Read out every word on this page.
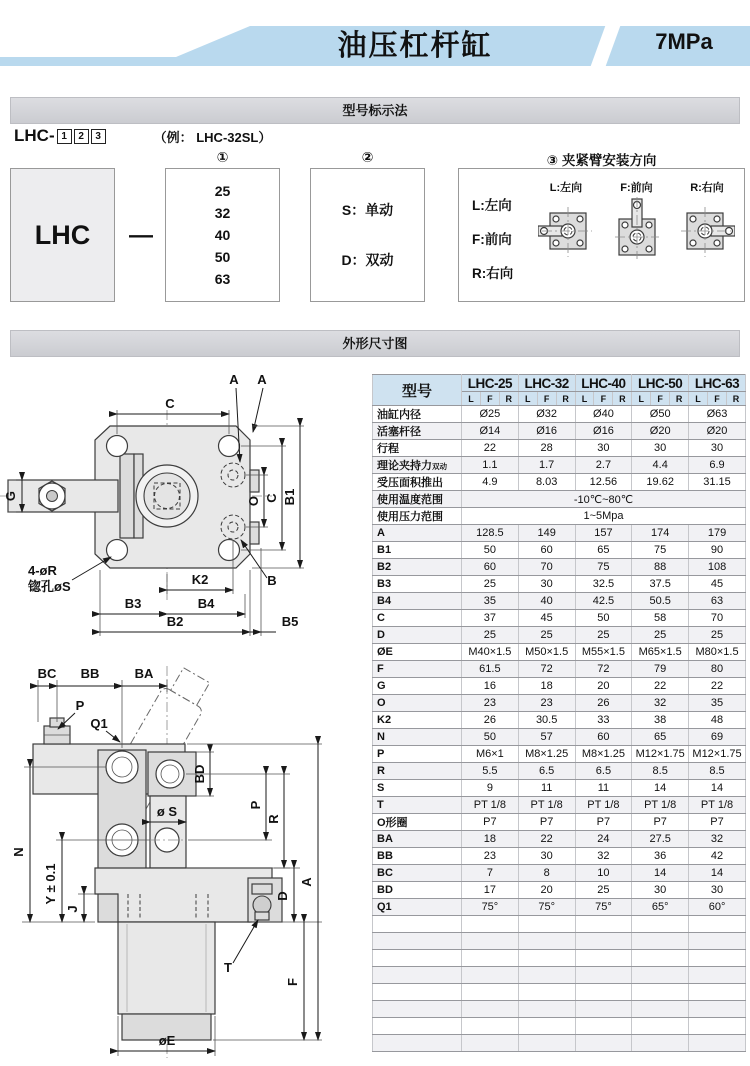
油压杠杆缸	7MPa
型号标示法
LHC- 1	2	3	（例： LHC-32SL）
①	②	③ 夹紧臂安装方向
LHC	—
25
32
40
50
63
S：单动
D：双动
L:左向
F:前向
R:右向
L:左向	F:前向	R:右向
外形尺寸图
C
A A
G	O C B1
B
4-øR
锪孔øS	K2
B3	B4
B2	B5
BC BB	BA
P
Q1
BD
P
R
ø S
N
Y ± 0.1
J
D
F
A
T
øE
型号	LHC-25			LHC-32			LHC-40			LHC-50			LHC-63		
	L	F	R	L	F	R	L	F	R	L	F	R	L	F	R
油缸内径	Ø25			Ø32			Ø40			Ø50			Ø63		
活塞杆径	Ø14			Ø16			Ø16			Ø20			Ø20		
行程	22			28			30			30			30		
理论夹持力双动	1.1			1.7			2.7			4.4			6.9		
受压面积推出	4.9			8.03			12.56			19.62			31.15		
使用温度范围	-10℃~80℃														
使用压力范围	1~5Mpa														
A	128.5			149			157			174			179		
B1	50			60			65			75			90		
B2	60			70			75			88			108		
B3	25			30			32.5			37.5			45		
B4	35			40			42.5			50.5			63		
C	37			45			50			58			70		
D	25			25			25			25			25		
ØE	M40×1.5			M50×1.5			M55×1.5			M65×1.5			M80×1.5		
F	61.5			72			72			79			80		
G	16			18			20			22			22		
O	23			23			26			32			35		
K2	26			30.5			33			38			48		
N	50			57			60			65			69		
P	M6×1			M8×1.25			M8×1.25			M12×1.75			M12×1.75		
R	5.5			6.5			6.5			8.5			8.5		
S	9			11			11			14			14		
T	PT 1/8			PT 1/8			PT 1/8			PT 1/8			PT 1/8		
O形圈	P7			P7			P7			P7			P7		
BA	18			22			24			27.5			32		
BB	23			30			32			36			42		
BC	7			8			10			14			14		
BD	17			20			25			30			30		
Q1	75°			75°			75°			65°			60°		
